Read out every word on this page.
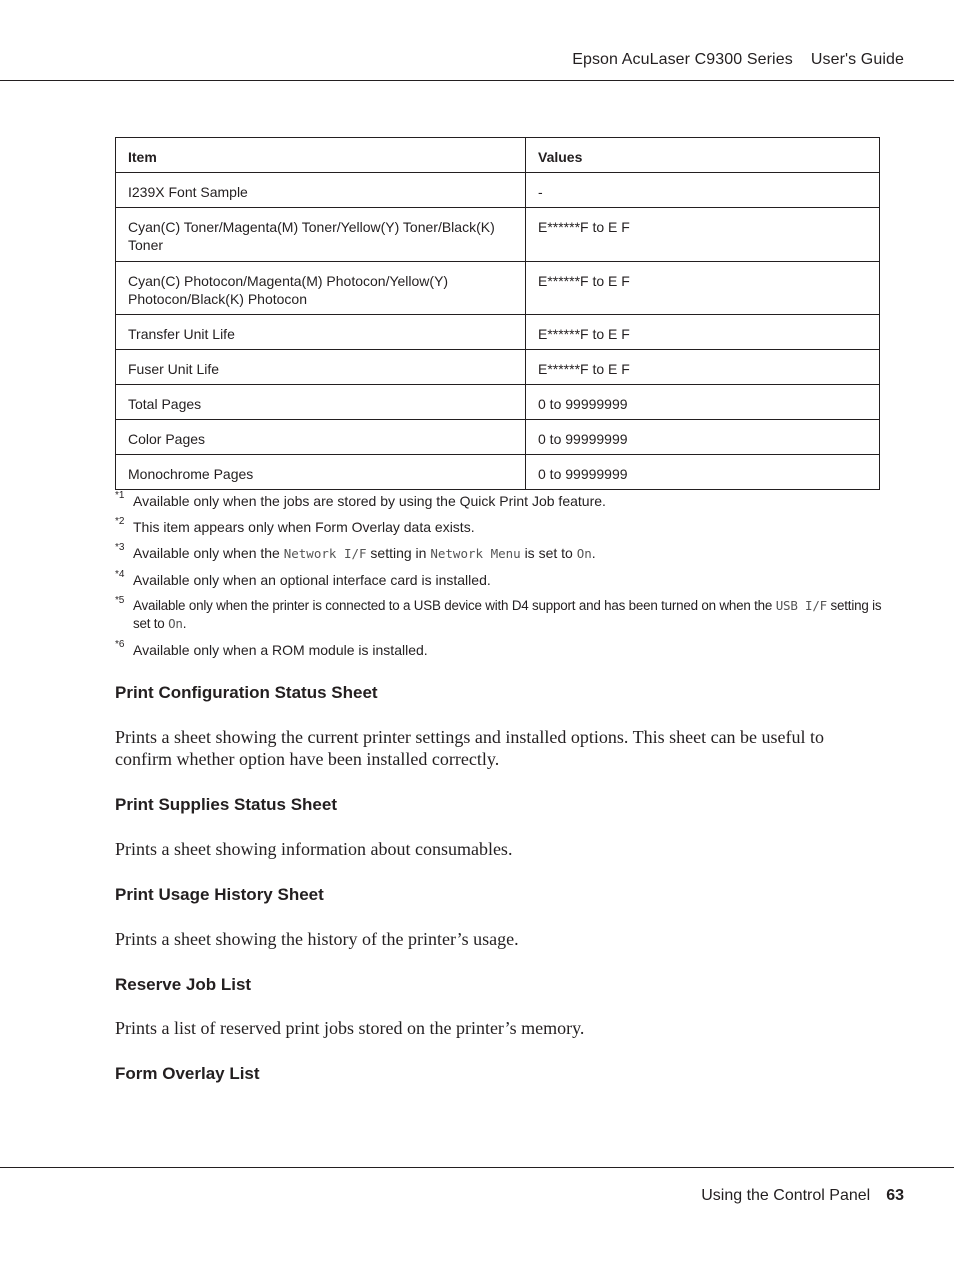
Epson AcuLaser C9300 Series User's Guide
Item	Values
I239X Font Sample	-
Cyan(C) Toner/Magenta(M) Toner/Yellow(Y) Toner/Black(K) Toner	E******F to E F
Cyan(C) Photocon/Magenta(M) Photocon/Yellow(Y) Photocon/Black(K) Photocon	E******F to E F
Transfer Unit Life	E******F to E F
Fuser Unit Life	E******F to E F
Total Pages	0 to 99999999
Color Pages	0 to 99999999
Monochrome Pages	0 to 99999999
*1 Available only when the jobs are stored by using the Quick Print Job feature.
*2 This item appears only when Form Overlay data exists.
*3 Available only when the Network I/F setting in Network Menu is set to On.
*4 Available only when an optional interface card is installed.
*5 Available only when the printer is connected to a USB device with D4 support and has been turned on when the USB I/F setting is set to On.
*6 Available only when a ROM module is installed.
Print Configuration Status Sheet
Prints a sheet showing the current printer settings and installed options. This sheet can be useful to confirm whether option have been installed correctly.
Print Supplies Status Sheet
Prints a sheet showing information about consumables.
Print Usage History Sheet
Prints a sheet showing the history of the printer’s usage.
Reserve Job List
Prints a list of reserved print jobs stored on the printer’s memory.
Form Overlay List
Using the Control Panel 63
